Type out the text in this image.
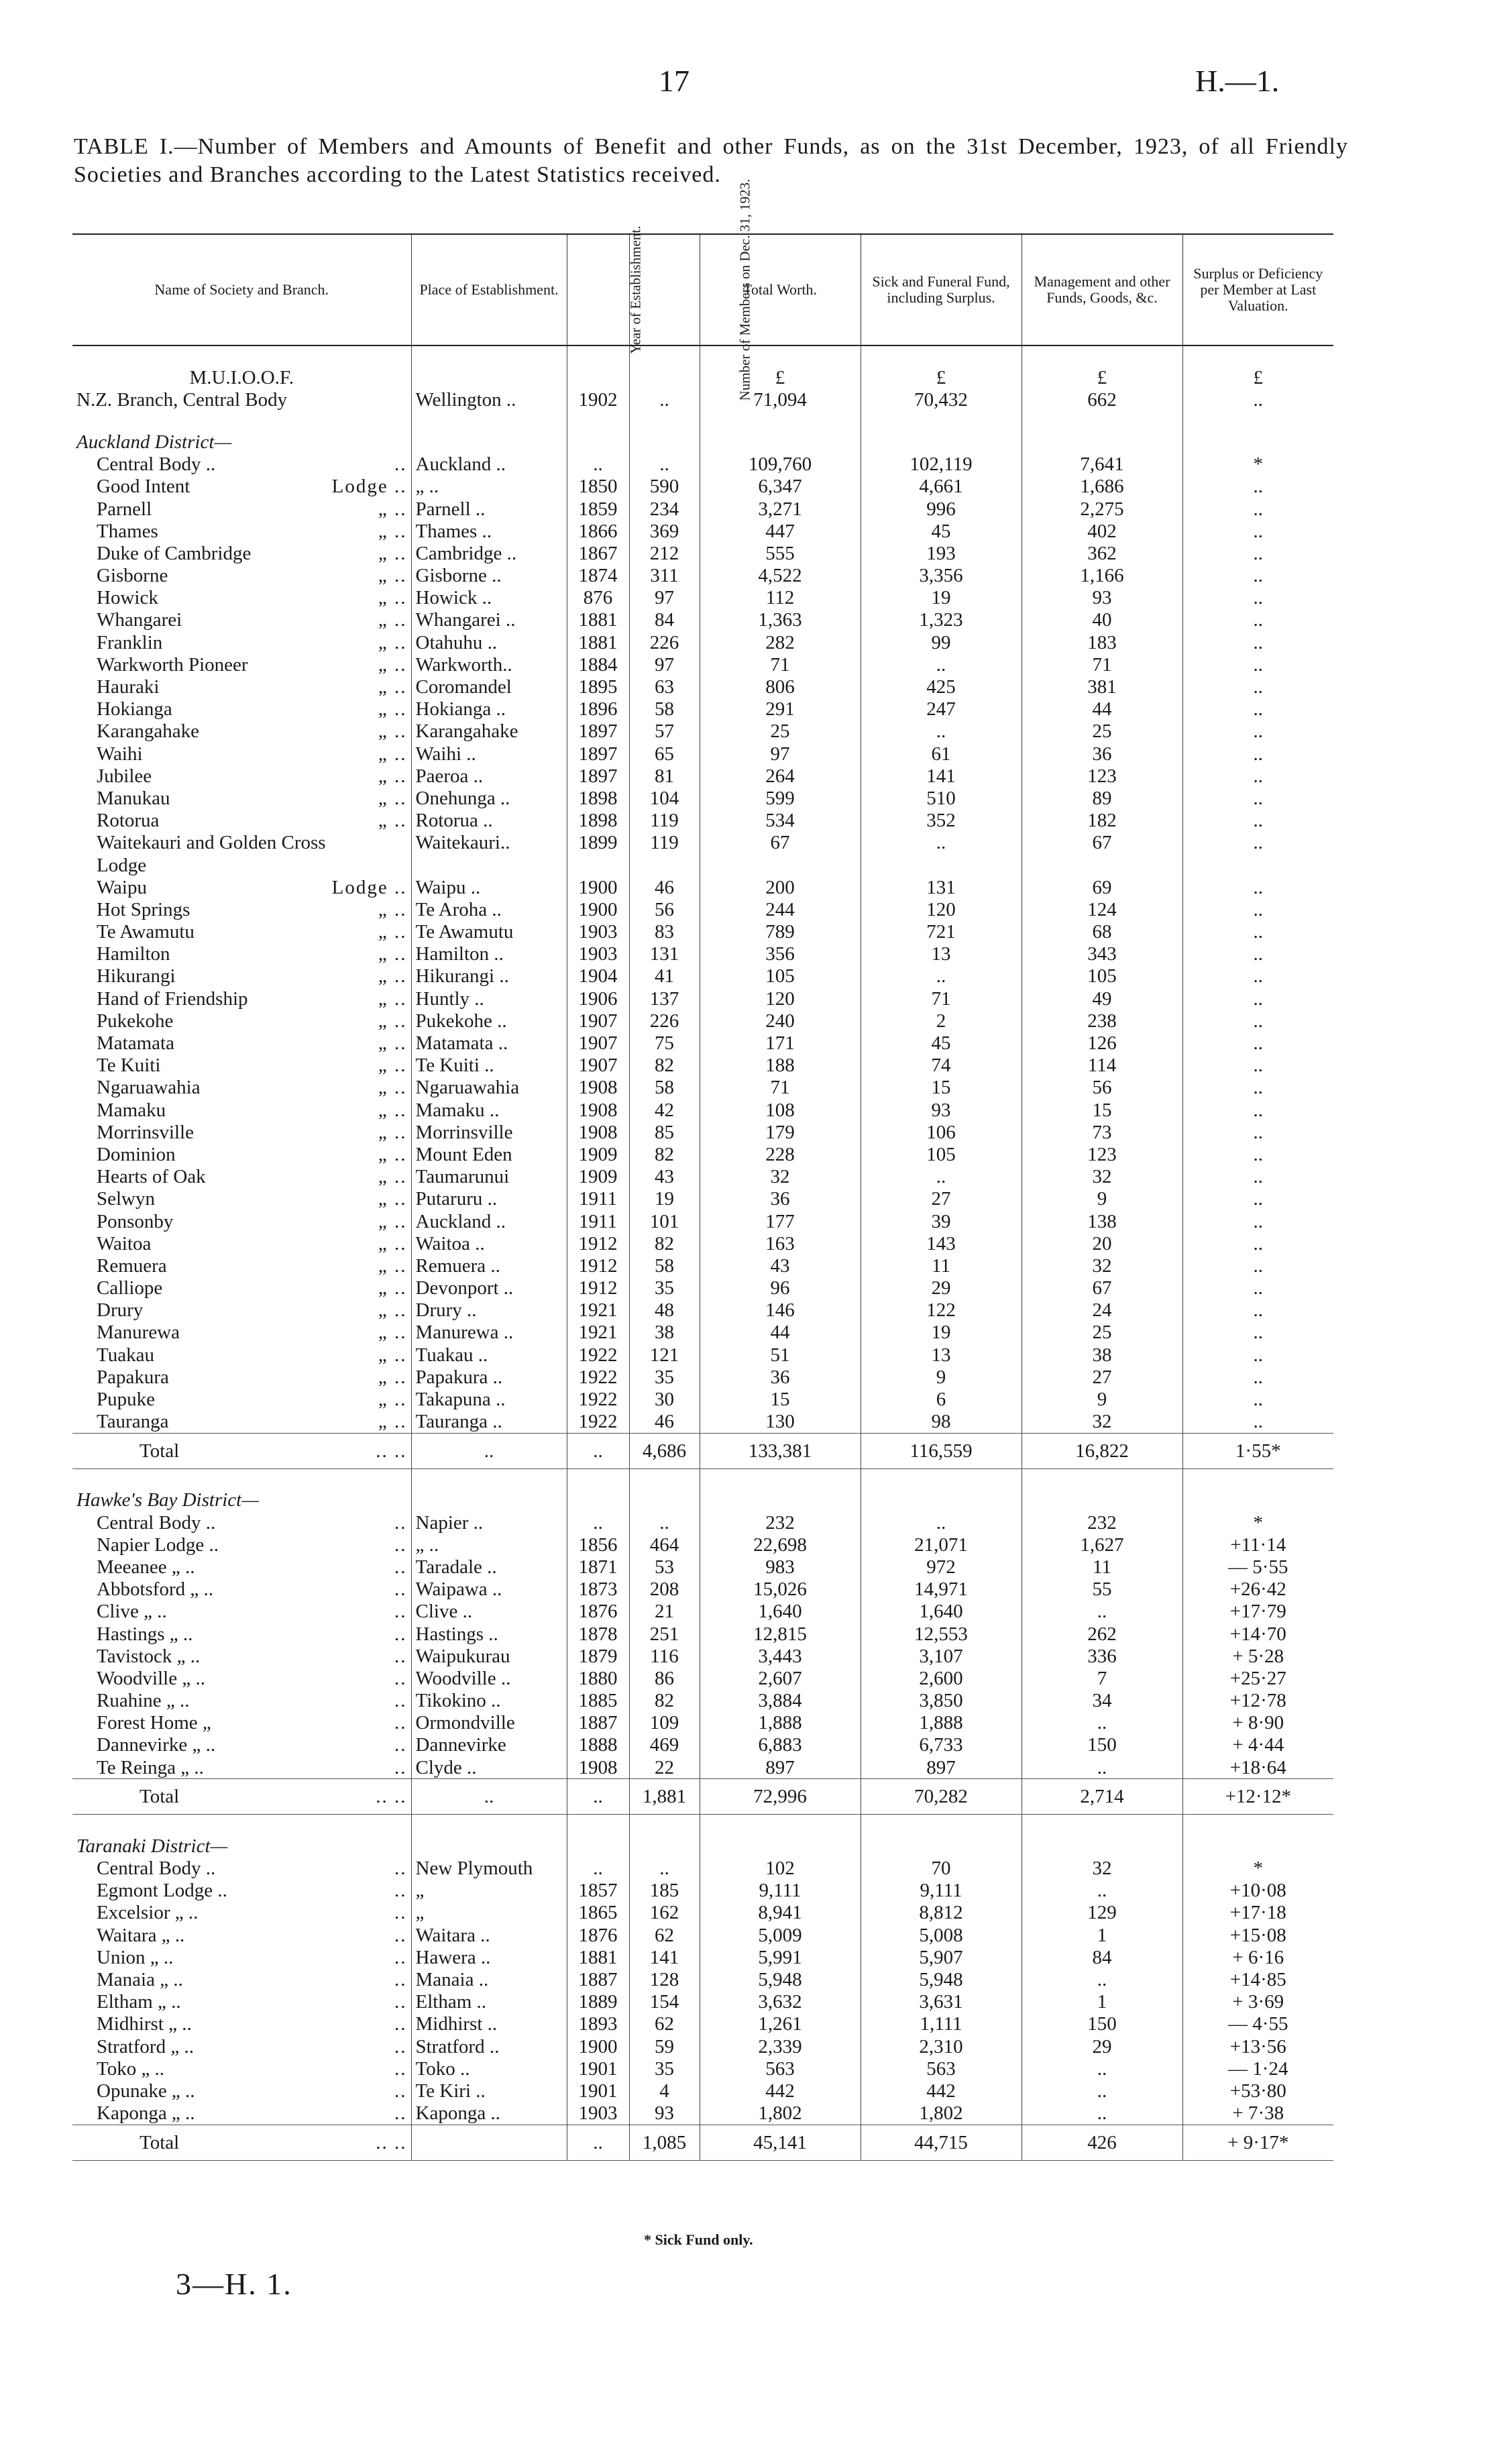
17	H.—1.
TABLE I.—Number of Members and Amounts of Benefit and other Funds, as on the 31st December, 1923, of all Friendly Societies and Branches according to the Latest Statistics received.
Name of Society and Branch.	Place of Establishment.	Year of Establishment.	Number of Members on Dec. 31, 1923.	Total Worth.	Sick and Funeral Fund, including Surplus.	Management and other Funds, Goods, &c.	Surplus or Deficiency per Member at Last Valuation.

M.U.I.O.O.F.				£	£	£	£
N.Z. Branch, Central Body	Wellington ..	1902	..	71,094	70,432	662	..

Auckland District—							

Central Body .. ..	Auckland ..	..	..	109,760	102,119	7,641	*

Good Intent Lodge ..	„ ..	1850	590	6,347	4,661	1,686	..

Parnell „ ..	Parnell ..	1859	234	3,271	996	2,275	..

Thames „ ..	Thames ..	1866	369	447	45	402	..

Duke of Cambridge „ ..	Cambridge ..	1867	212	555	193	362	..

Gisborne „ ..	Gisborne ..	1874	311	4,522	3,356	1,166	..

Howick „ ..	Howick ..	876	97	112	19	93	..

Whangarei „ ..	Whangarei ..	1881	84	1,363	1,323	40	..

Franklin „ ..	Otahuhu ..	1881	226	282	99	183	..

Warkworth Pioneer „ ..	Warkworth..	1884	97	71	..	71	..

Hauraki „ ..	Coromandel	1895	63	806	425	381	..

Hokianga „ ..	Hokianga ..	1896	58	291	247	44	..

Karangahake „ ..	Karangahake	1897	57	25	..	25	..

Waihi „ ..	Waihi ..	1897	65	97	61	36	..

Jubilee „ ..	Paeroa ..	1897	81	264	141	123	..

Manukau „ ..	Onehunga ..	1898	104	599	510	89	..

Rotorua „ ..	Rotorua ..	1898	119	534	352	182	..

Waitekauri and Golden Cross	Waitekauri..	1899	119	67	..	67	..

Lodge							

Waipu Lodge ..	Waipu ..	1900	46	200	131	69	..

Hot Springs „ ..	Te Aroha ..	1900	56	244	120	124	..

Te Awamutu „ ..	Te Awamutu	1903	83	789	721	68	..

Hamilton „ ..	Hamilton ..	1903	131	356	13	343	..

Hikurangi „ ..	Hikurangi ..	1904	41	105	..	105	..

Hand of Friendship „ ..	Huntly ..	1906	137	120	71	49	..

Pukekohe „ ..	Pukekohe ..	1907	226	240	2	238	..

Matamata „ ..	Matamata ..	1907	75	171	45	126	..

Te Kuiti „ ..	Te Kuiti ..	1907	82	188	74	114	..

Ngaruawahia „ ..	Ngaruawahia	1908	58	71	15	56	..

Mamaku „ ..	Mamaku ..	1908	42	108	93	15	..

Morrinsville „ ..	Morrinsville	1908	85	179	106	73	..

Dominion „ ..	Mount Eden	1909	82	228	105	123	..

Hearts of Oak „ ..	Taumarunui	1909	43	32	..	32	..

Selwyn „ ..	Putaruru ..	1911	19	36	27	9	..

Ponsonby „ ..	Auckland ..	1911	101	177	39	138	..

Waitoa „ ..	Waitoa ..	1912	82	163	143	20	..

Remuera „ ..	Remuera ..	1912	58	43	11	32	..

Calliope „ ..	Devonport ..	1912	35	96	29	67	..

Drury „ ..	Drury ..	1921	48	146	122	24	..

Manurewa „ ..	Manurewa ..	1921	38	44	19	25	..

Tuakau „ ..	Tuakau ..	1922	121	51	13	38	..

Papakura „ ..	Papakura ..	1922	35	36	9	27	..

Pupuke „ ..	Takapuna ..	1922	30	15	6	9	..

Tauranga „ ..	Tauranga ..	1922	46	130	98	32	..

Total .. ..	..	..	4,686	133,381	116,559	16,822	1·55*

Hawke's Bay District—							

Central Body .. ..	Napier ..	..	..	232	..	232	*

Napier Lodge .. ..	„ ..	1856	464	22,698	21,071	1,627	+11·14

Meeanee „ .. ..	Taradale ..	1871	53	983	972	11	— 5·55

Abbotsford „ .. ..	Waipawa ..	1873	208	15,026	14,971	55	+26·42

Clive „ .. ..	Clive ..	1876	21	1,640	1,640	..	+17·79

Hastings „ .. ..	Hastings ..	1878	251	12,815	12,553	262	+14·70

Tavistock „ .. ..	Waipukurau	1879	116	3,443	3,107	336	+ 5·28

Woodville „ .. ..	Woodville ..	1880	86	2,607	2,600	7	+25·27

Ruahine „ .. ..	Tikokino ..	1885	82	3,884	3,850	34	+12·78

Forest Home „ ..	Ormondville	1887	109	1,888	1,888	..	+ 8·90

Dannevirke „ .. ..	Dannevirke	1888	469	6,883	6,733	150	+ 4·44

Te Reinga „ .. ..	Clyde ..	1908	22	897	897	..	+18·64

Total .. ..	..	..	1,881	72,996	70,282	2,714	+12·12*

Taranaki District—							

Central Body .. ..	New Plymouth	..	..	102	70	32	*

Egmont Lodge .. ..	„	1857	185	9,111	9,111	..	+10·08

Excelsior „ .. ..	„	1865	162	8,941	8,812	129	+17·18

Waitara „ .. ..	Waitara ..	1876	62	5,009	5,008	1	+15·08

Union „ .. ..	Hawera ..	1881	141	5,991	5,907	84	+ 6·16

Manaia „ .. ..	Manaia ..	1887	128	5,948	5,948	..	+14·85

Eltham „ .. ..	Eltham ..	1889	154	3,632	3,631	1	+ 3·69

Midhirst „ .. ..	Midhirst ..	1893	62	1,261	1,111	150	— 4·55

Stratford „ .. ..	Stratford ..	1900	59	2,339	2,310	29	+13·56

Toko „ .. ..	Toko ..	1901	35	563	563	..	— 1·24

Opunake „ .. ..	Te Kiri ..	1901	4	442	442	..	+53·80

Kaponga „ .. ..	Kaponga ..	1903	93	1,802	1,802	..	+ 7·38

Total .. ..		..	1,085	45,141	44,715	426	+ 9·17*
* Sick Fund only.
3—H. 1.
